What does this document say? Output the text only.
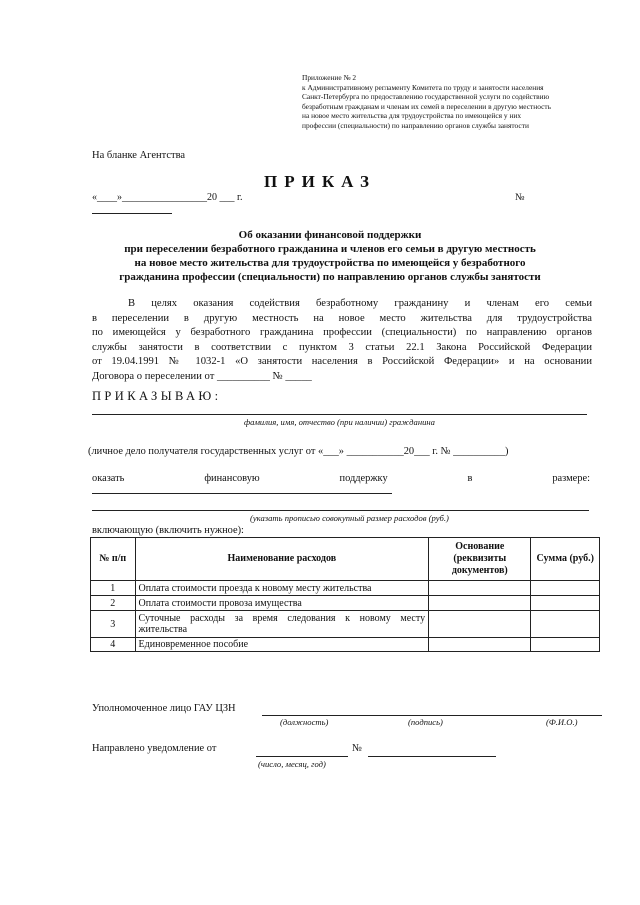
Приложение № 2
к Административному регламенту Комитета по труду и занятости населения
Санкт-Петербурга по предоставлению государственной услуги по содействию
безработным гражданам и членам их семей в переселении в другую местность
на новое место жительства для трудоустройства по имеющейся у них
профессии (специальности) по направлению органов службы занятости
На бланке Агентства
ПРИКАЗ
«____»_________________20 ___ г.	№
Об оказании финансовой поддержки
при переселении безработного гражданина и членов его семьи в другую местность
на новое место жительства для трудоустройства по имеющейся у безработного
гражданина профессии (специальности) по направлению органов службы занятости
В целях оказания содействия безработному гражданину и членам его семьи
в переселении в другую местность на новое место жительства для трудоустройства
по имеющейся у безработного гражданина профессии (специальности) по направлению органов
службы занятости в соответствии с пунктом 3 статьи 22.1 Закона Российской Федерации
от 19.04.1991 № 1032-1 «О занятости населения в Российской Федерации» и на основании
Договора о переселении от __________ № _____
ПРИКАЗЫВАЮ:
фамилия, имя, отчество (при наличии) гражданина
(личное дело получателя государственных услуг от «___» ___________20___ г. № __________)
оказать	финансовую	поддержку	в	размере:
(указать прописью совокупный размер расходов (руб.)
включающую (включить нужное):
№ п/п	Наименование расходов	Основание (реквизиты документов)	Сумма (руб.)
1	Оплата стоимости проезда к новому месту жительства		
2	Оплата стоимости провоза имущества		
3	Суточные расходы за время следования к новому месту жительства		
4	Единовременное пособие		
Уполномоченное лицо ГАУ ЦЗН
(должность)	(подпись)	(Ф.И.О.)
Направлено уведомление от	№
(число, месяц, год)
